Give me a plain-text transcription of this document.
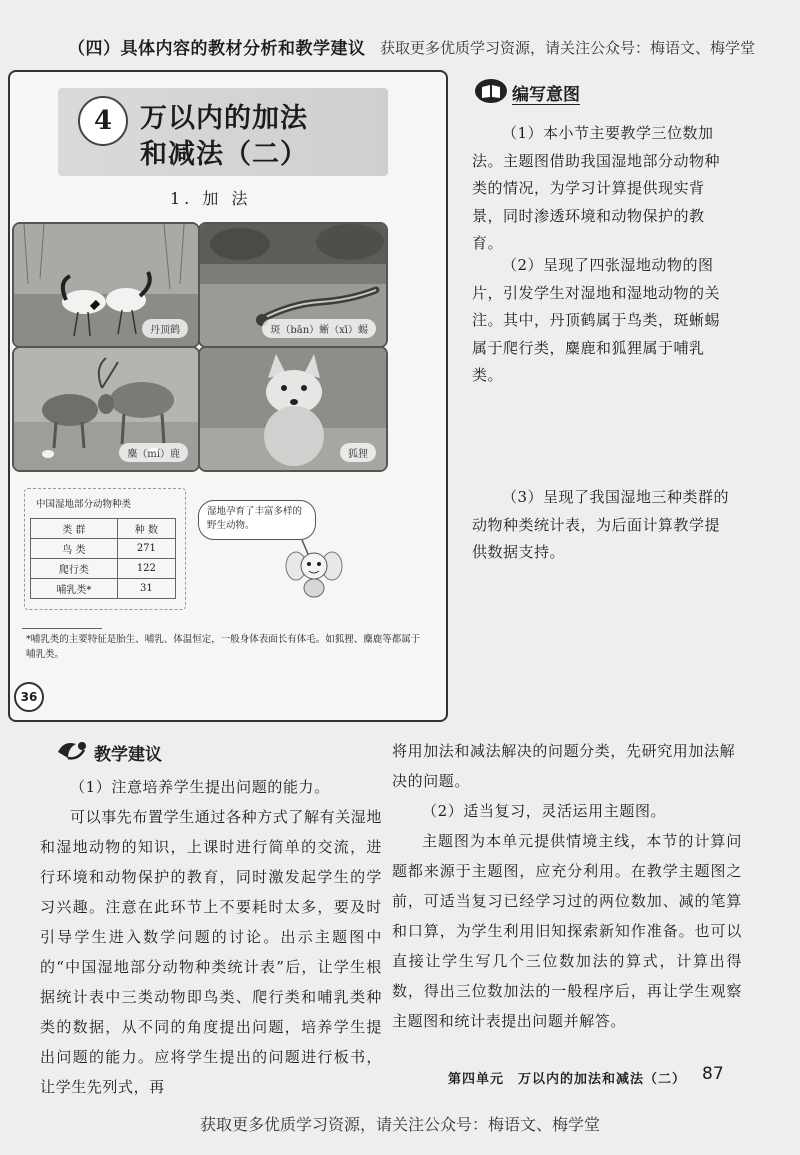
（四）具体内容的教材分析和教学建议 获取更多优质学习资源，请关注公众号：梅语文、梅学堂
4	万以内的加法
和减法（二）
1. 加 法
丹顶鹤	斑（bān）蜥（xī）蜴
麋（mí）鹿	狐狸
中国湿地部分动物种类
类 群	种 数
鸟 类	271
爬行类	122
哺乳类*	31
湿地孕育了丰富多样的野生动物。
*哺乳类的主要特征是胎生、哺乳、体温恒定，一般身体表面长有体毛。如狐狸、麋鹿等都属于哺乳类。
36
编写意图
（1）本小节主要教学三位数加法。主题图借助我国湿地部分动物种类的情况，为学习计算提供现实背景，同时渗透环境和动物保护的教育。
（2）呈现了四张湿地动物的图片，引发学生对湿地和湿地动物的关注。其中，丹顶鹤属于鸟类，斑蜥蜴属于爬行类，麋鹿和狐狸属于哺乳类。
（3）呈现了我国湿地三种类群的动物种类统计表，为后面计算教学提供数据支持。
教学建议
（1）注意培养学生提出问题的能力。
可以事先布置学生通过各种方式了解有关湿地和湿地动物的知识，上课时进行简单的交流，进行环境和动物保护的教育，同时激发起学生的学习兴趣。注意在此环节上不要耗时太多，要及时引导学生进入数学问题的讨论。出示主题图中的“中国湿地部分动物种类统计表”后，让学生根据统计表中三类动物即鸟类、爬行类和哺乳类种类的数据，从不同的角度提出问题，培养学生提出问题的能力。应将学生提出的问题进行板书，让学生先列式，再
将用加法和减法解决的问题分类，先研究用加法解决的问题。
（2）适当复习，灵活运用主题图。
主题图为本单元提供情境主线，本节的计算问题都来源于主题图，应充分利用。在教学主题图之前，可适当复习已经学习过的两位数加、减的笔算和口算，为学生利用旧知探索新知作准备。也可以直接让学生写几个三位数加法的算式，计算出得数，得出三位数加法的一般程序后，再让学生观察主题图和统计表提出问题并解答。
第四单元　万以内的加法和减法（二） 87
获取更多优质学习资源，请关注公众号：梅语文、梅学堂
